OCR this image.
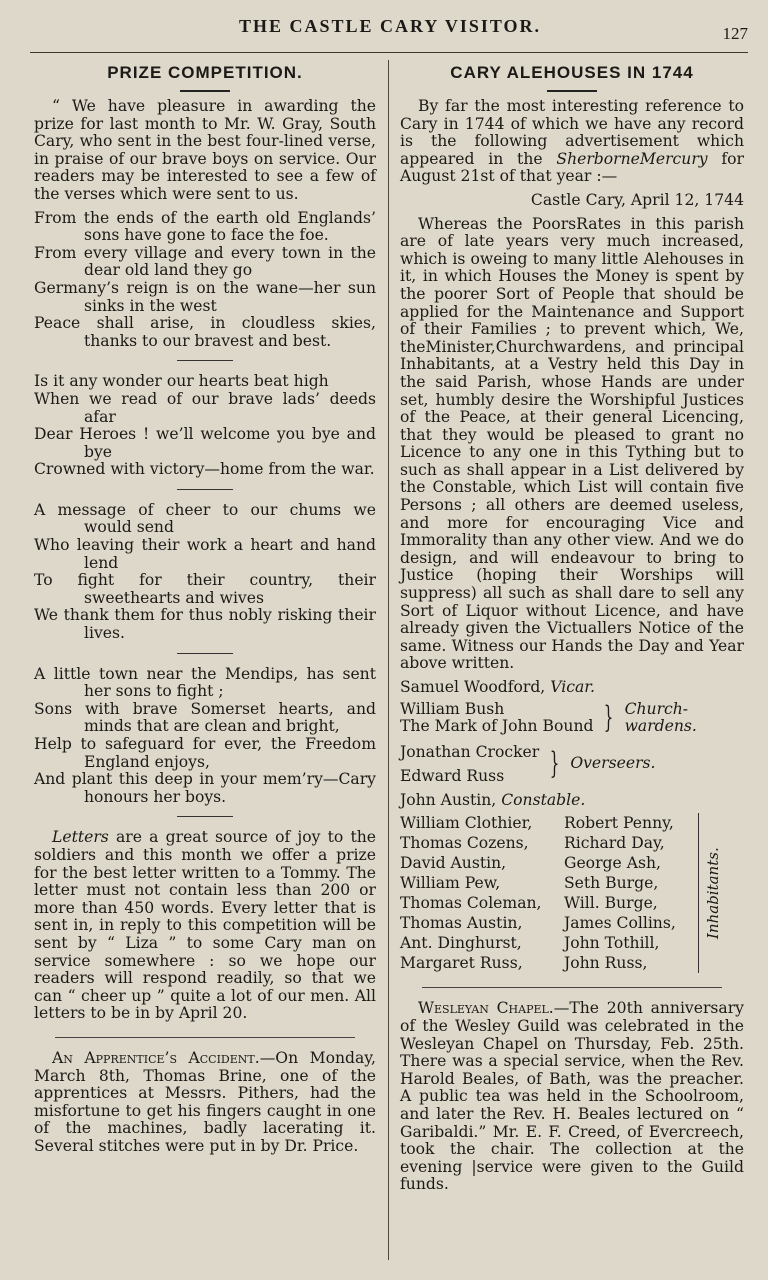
THE CASTLE CARY VISITOR.	127
PRIZE COMPETITION.

“ We have pleasure in awarding the prize for last month to Mr. W. Gray, South Cary, who sent in the best four-lined verse, in praise of our brave boys on service. Our readers may be interested to see a few of the verses which were sent to us.

From the ends of the earth old Englands’ sons have gone to face the foe.
From every village and every town in the dear old land they go
Germany’s reign is on the wane—her sun sinks in the west
Peace shall arise, in cloudless skies, thanks to our bravest and best.
Is it any wonder our hearts beat high
When we read of our brave lads’ deeds afar
Dear Heroes ! we’ll welcome you bye and bye
Crowned with victory—home from the war.
A message of cheer to our chums we would send
Who leaving their work a heart and hand lend
To fight for their country, their sweethearts and wives
We thank them for thus nobly risking their lives.
A little town near the Mendips, has sent her sons to fight ;
Sons with brave Somerset hearts, and minds that are clean and bright,
Help to safeguard for ever, the Freedom England enjoys,
And plant this deep in your mem’ry—Cary honours her boys.

Letters are a great source of joy to the soldiers and this month we offer a prize for the best letter written to a Tommy. The letter must not contain less than 200 or more than 450 words. Every letter that is sent in, in reply to this competition will be sent by “ Liza ” to some Cary man on service somewhere : so we hope our readers will respond readily, so that we can “ cheer up ” quite a lot of our men. All letters to be in by April 20.

An Apprentice’s Accident.—On Monday, March 8th, Thomas Brine, one of the apprentices at Messrs. Pithers, had the misfortune to get his fingers caught in one of the machines, badly lacerating it. Several stitches were put in by Dr. Price.

CARY ALEHOUSES IN 1744

By far the most interesting reference to Cary in 1744 of which we have any record is the following advertisement which appeared in the SherborneMercury for August 21st of that year :—

Castle Cary, April 12, 1744

Whereas the PoorsRates in this parish are of late years very much increased, which is oweing to many little Alehouses in it, in which Houses the Money is spent by the poorer Sort of People that should be applied for the Maintenance and Support of their Families ; to prevent which, We, theMinister,Churchwardens, and principal Inhabitants, at a Vestry held this Day in the said Parish, whose Hands are under set, humbly desire the Worshipful Justices of the Peace, at their general Licencing, that they would be pleased to grant no Licence to any one in this Tything but to such as shall appear in a List delivered by the Constable, which List will contain five Persons ; all others are deemed useless, and more for encouraging Vice and Immorality than any other view. And we do design, and will endeavour to bring to Justice (hoping their Worships will suppress) all such as shall dare to sell any Sort of Liquor without Licence, and have already given the Victuallers Notice of the same. Witness our Hands the Day and Year above written.

Samuel Woodford, Vicar.
William Bush
The Mark of John Bound } Church-wardens.
Jonathan Crocker
Edward Russ	} Overseers.
John Austin, Constable.
William Clothier,
Thomas Cozens,
David Austin,
William Pew,
Thomas Coleman,
Thomas Austin,
Ant. Dinghurst,
Margaret Russ,
Robert Penny,
Richard Day,
George Ash,
Seth Burge,
Will. Burge,
James Collins,
John Tothill,
John Russ,
Inhabitants.

Wesleyan Chapel.—The 20th anniversary of the Wesley Guild was celebrated in the Wesleyan Chapel on Thursday, Feb. 25th. There was a special service, when the Rev. Harold Beales, of Bath, was the preacher. A public tea was held in the Schoolroom, and later the Rev. H. Beales lectured on “ Garibaldi.” Mr. E. F. Creed, of Evercreech, took the chair. The collection at the evening |service were given to the Guild funds.
